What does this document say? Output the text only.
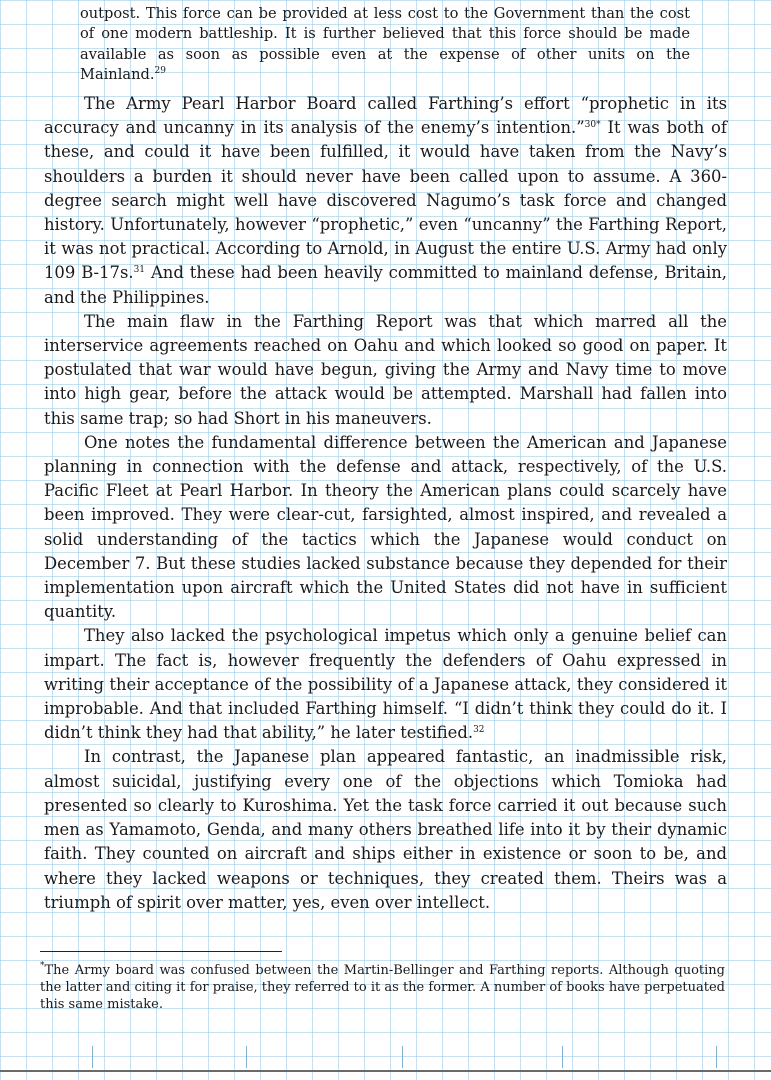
outpost. This force can be provided at less cost to the Government than the cost of one modern battleship. It is further believed that this force should be made available as soon as possible even at the expense of other units on the Mainland.$^{29}$

The Army Pearl Harbor Board called Farthing’s effort “prophetic in its accuracy and uncanny in its analysis of the enemy’s intention.”$^{30*}$ It was both of these, and could it have been fulfilled, it would have taken from the Navy’s shoulders a burden it should never have been called upon to assume. A 360-degree search might well have discovered Nagumo’s task force and changed history. Unfortunately, however “prophetic,” even “uncanny” the Farthing Report, it was not practical. According to Arnold, in August the entire U.S. Army had only 109 B-17s.$^{31}$ And these had been heavily committed to mainland defense, Britain, and the Philippines.

The main flaw in the Farthing Report was that which marred all the interservice agreements reached on Oahu and which looked so good on paper. It postulated that war would have begun, giving the Army and Navy time to move into high gear, before the attack would be attempted. Marshall had fallen into this same trap; so had Short in his maneuvers.

One notes the fundamental difference between the American and Japanese planning in connection with the defense and attack, respectively, of the U.S. Pacific Fleet at Pearl Harbor. In theory the American plans could scarcely have been improved. They were clear-cut, farsighted, almost inspired, and revealed a solid understanding of the tactics which the Japanese would conduct on December 7. But these studies lacked substance because they depended for their implementation upon aircraft which the United States did not have in sufficient quantity.

They also lacked the psychological impetus which only a genuine belief can impart. The fact is, however frequently the defenders of Oahu expressed in writing their acceptance of the possibility of a Japanese attack, they considered it improbable. And that included Farthing himself. “I didn’t think they could do it. I didn’t think they had that ability,” he later testified.$^{32}$

In contrast, the Japanese plan appeared fantastic, an inadmissible risk, almost suicidal, justifying every one of the objections which Tomioka had presented so clearly to Kuroshima. Yet the task force carried it out because such men as Yamamoto, Genda, and many others breathed life into it by their dynamic faith. They counted on aircraft and ships either in existence or soon to be, and where they lacked weapons or techniques, they created them. Theirs was a triumph of spirit over matter, yes, even over intellect.

*The Army board was confused between the Martin-Bellinger and Farthing reports. Although quoting the latter and citing it for praise, they referred to it as the former. A number of books have perpetuated this same mistake.
